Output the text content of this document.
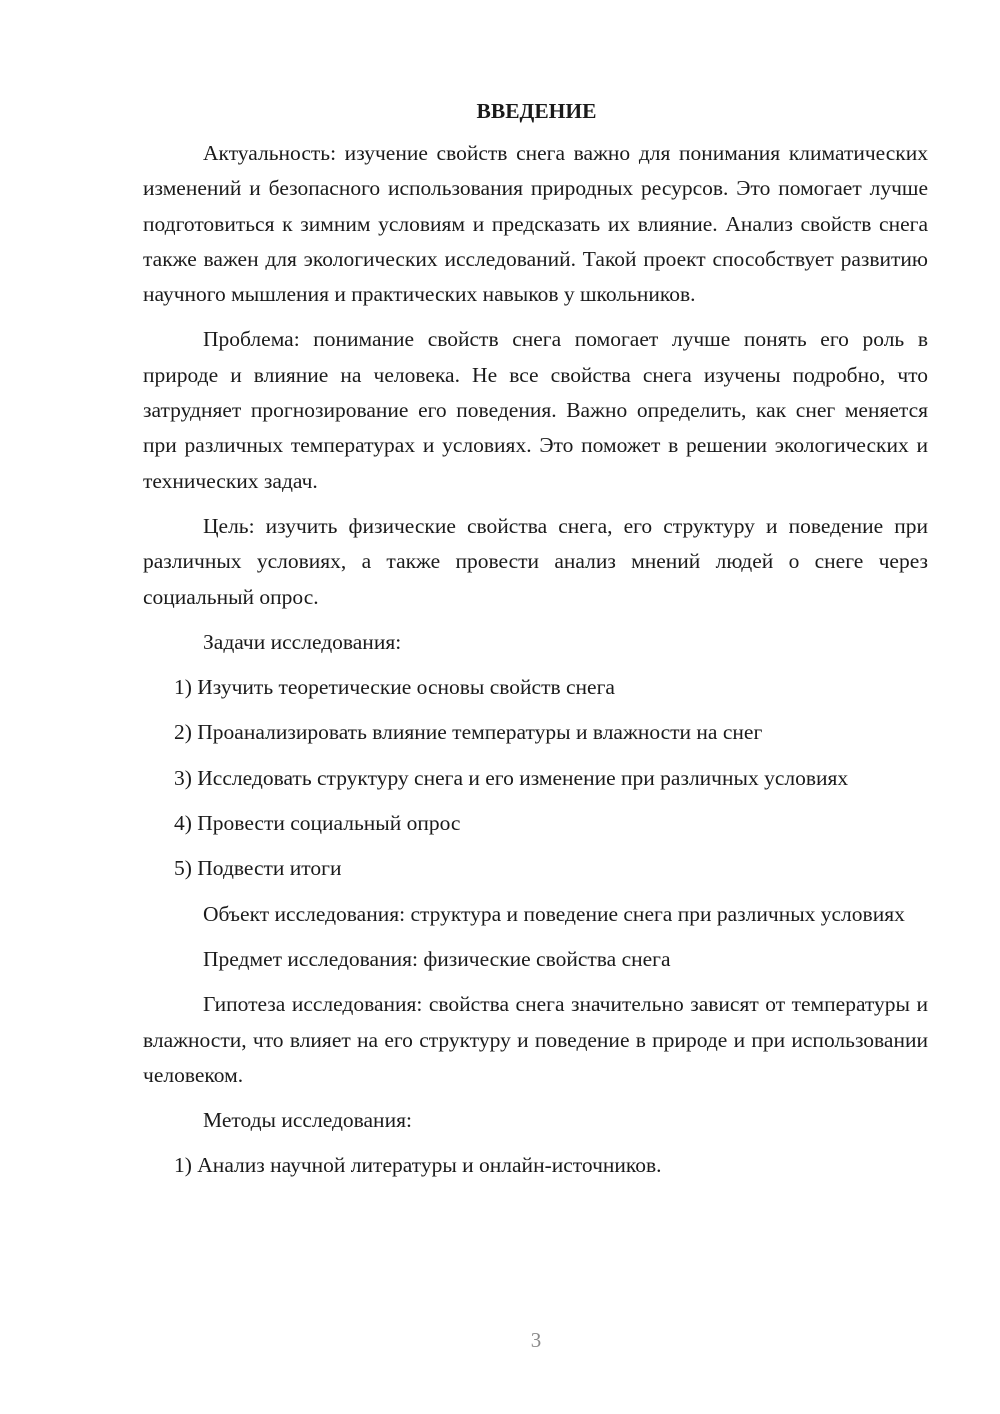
ВВЕДЕНИЕ
Актуальность: изучение свойств снега важно для понимания климатических изменений и безопасного использования природных ресурсов. Это помогает лучше подготовиться к зимним условиям и предсказать их влияние. Анализ свойств снега также важен для экологических исследований. Такой проект способствует развитию научного мышления и практических навыков у школьников.
Проблема: понимание свойств снега помогает лучше понять его роль в природе и влияние на человека. Не все свойства снега изучены подробно, что затрудняет прогнозирование его поведения. Важно определить, как снег меняется при различных температурах и условиях. Это поможет в решении экологических и технических задач.
Цель: изучить физические свойства снега, его структуру и поведение при различных условиях, а также провести анализ мнений людей о снеге через социальный опрос.
Задачи исследования:
1) Изучить теоретические основы свойств снега
2) Проанализировать влияние температуры и влажности на снег
3) Исследовать структуру снега и его изменение при различных условиях
4) Провести социальный опрос
5) Подвести итоги
Объект исследования: структура и поведение снега при различных условиях
Предмет исследования: физические свойства снега
Гипотеза исследования: свойства снега значительно зависят от температуры и влажности, что влияет на его структуру и поведение в природе и при использовании человеком.
Методы исследования:
1) Анализ научной литературы и онлайн-источников.
3
